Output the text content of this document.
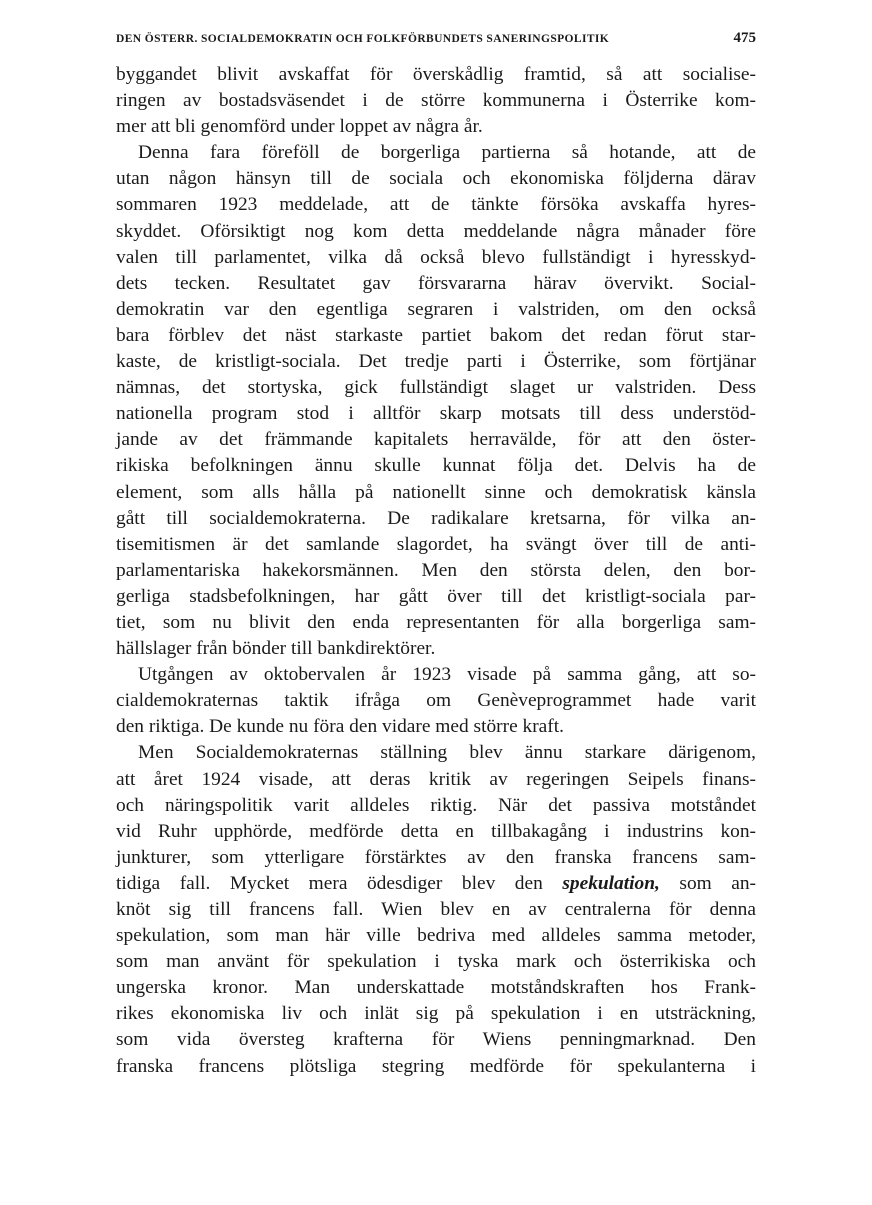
DEN ÖSTERR. SOCIALDEMOKRATIN OCH FOLKFÖRBUNDETS SANERINGSPOLITIK	475
byggandet blivit avskaffat för överskådlig framtid, så att socialise-
ringen av bostadsväsendet i de större kommunerna i Österrike kom-
mer att bli genomförd under loppet av några år.
Denna fara föreföll de borgerliga partierna så hotande, att de
utan någon hänsyn till de sociala och ekonomiska följderna därav
sommaren 1923 meddelade, att de tänkte försöka avskaffa hyres-
skyddet. Oförsiktigt nog kom detta meddelande några månader före
valen till parlamentet, vilka då också blevo fullständigt i hyresskyd-
dets tecken. Resultatet gav försvararna härav övervikt. Social-
demokratin var den egentliga segraren i valstriden, om den också
bara förblev det näst starkaste partiet bakom det redan förut star-
kaste, de kristligt-sociala. Det tredje parti i Österrike, som förtjänar
nämnas, det stortyska, gick fullständigt slaget ur valstriden. Dess
nationella program stod i alltför skarp motsats till dess understöd-
jande av det främmande kapitalets herravälde, för att den öster-
rikiska befolkningen ännu skulle kunnat följa det. Delvis ha de
element, som alls hålla på nationellt sinne och demokratisk känsla
gått till socialdemokraterna. De radikalare kretsarna, för vilka an-
tisemitismen är det samlande slagordet, ha svängt över till de anti-
parlamentariska hakekorsmännen. Men den största delen, den bor-
gerliga stadsbefolkningen, har gått över till det kristligt-sociala par-
tiet, som nu blivit den enda representanten för alla borgerliga sam-
hällslager från bönder till bankdirektörer.
Utgången av oktobervalen år 1923 visade på samma gång, att so-
cialdemokraternas taktik ifråga om Genèveprogrammet hade varit
den riktiga. De kunde nu föra den vidare med större kraft.
Men Socialdemokraternas ställning blev ännu starkare därigenom,
att året 1924 visade, att deras kritik av regeringen Seipels finans-
och näringspolitik varit alldeles riktig. När det passiva motståndet
vid Ruhr upphörde, medförde detta en tillbakagång i industrins kon-
junkturer, som ytterligare förstärktes av den franska francens sam-
tidiga fall. Mycket mera ödesdiger blev den spekulation, som an-
knöt sig till francens fall. Wien blev en av centralerna för denna
spekulation, som man här ville bedriva med alldeles samma metoder,
som man använt för spekulation i tyska mark och österrikiska och
ungerska kronor. Man underskattade motståndskraften hos Frank-
rikes ekonomiska liv och inlät sig på spekulation i en utsträckning,
som vida översteg krafterna för Wiens penningmarknad. Den
franska francens plötsliga stegring medförde för spekulanterna i
